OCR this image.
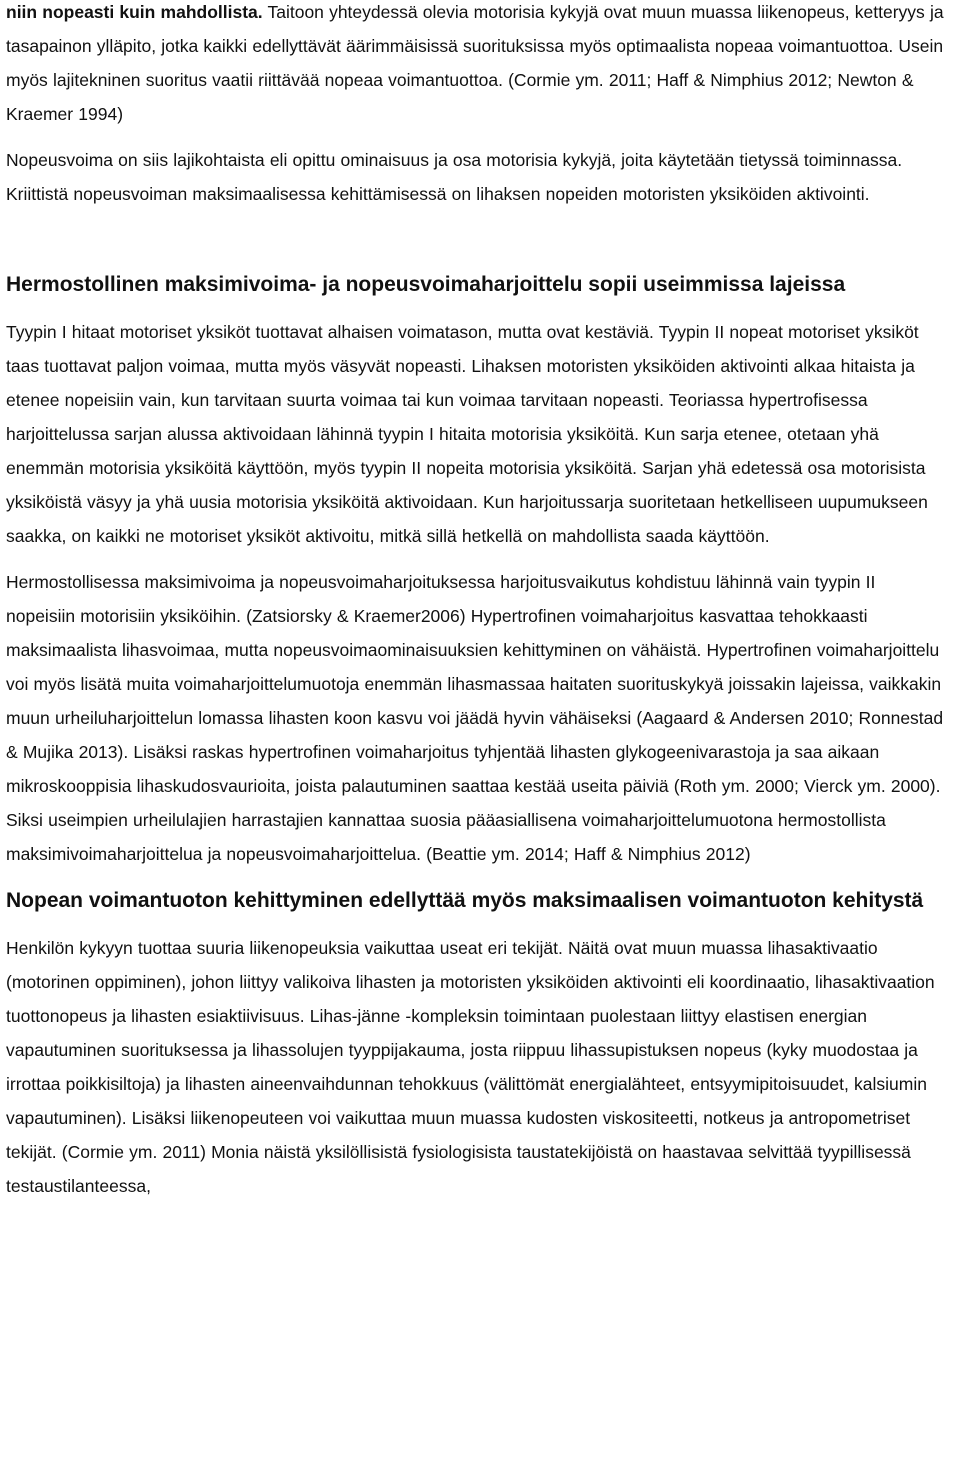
niin nopeasti kuin mahdollista. Taitoon yhteydessä olevia motorisia kykyjä ovat muun muassa liikenopeus, ketteryys ja tasapainon ylläpito, jotka kaikki edellyttävät äärimmäisissä suorituksissa myös optimaalista nopeaa voimantuottoa. Usein myös lajitekninen suoritus vaatii riittävää nopeaa voimantuottoa. (Cormie ym. 2011; Haff & Nimphius 2012; Newton & Kraemer 1994)

Nopeusvoima on siis lajikohtaista eli opittu ominaisuus ja osa motorisia kykyjä, joita käytetään tietyssä toiminnassa. Kriittistä nopeusvoiman maksimaalisessa kehittämisessä on lihaksen nopeiden motoristen yksiköiden aktivointi.

Hermostollinen maksimivoima- ja nopeusvoimaharjoittelu sopii useimmissa lajeissa

Tyypin I hitaat motoriset yksiköt tuottavat alhaisen voimatason, mutta ovat kestäviä. Tyypin II nopeat motoriset yksiköt taas tuottavat paljon voimaa, mutta myös väsyvät nopeasti. Lihaksen motoristen yksiköiden aktivointi alkaa hitaista ja etenee nopeisiin vain, kun tarvitaan suurta voimaa tai kun voimaa tarvitaan nopeasti. Teoriassa hypertrofisessa harjoittelussa sarjan alussa aktivoidaan lähinnä tyypin I hitaita motorisia yksiköitä. Kun sarja etenee, otetaan yhä enemmän motorisia yksiköitä käyttöön, myös tyypin II nopeita motorisia yksiköitä. Sarjan yhä edetessä osa motorisista yksiköistä väsyy ja yhä uusia motorisia yksiköitä aktivoidaan. Kun harjoitussarja suoritetaan hetkelliseen uupumukseen saakka, on kaikki ne motoriset yksiköt aktivoitu, mitkä sillä hetkellä on mahdollista saada käyttöön.

Hermostollisessa maksimivoima ja nopeusvoimaharjoituksessa harjoitusvaikutus kohdistuu lähinnä vain tyypin II nopeisiin motorisiin yksiköihin. (Zatsiorsky & Kraemer2006) Hypertrofinen voimaharjoitus kasvattaa tehokkaasti maksimaalista lihasvoimaa, mutta nopeusvoimaominaisuuksien kehittyminen on vähäistä. Hypertrofinen voimaharjoittelu voi myös lisätä muita voimaharjoittelumuotoja enemmän lihasmassaa haitaten suorituskykyä joissakin lajeissa, vaikkakin muun urheiluharjoittelun lomassa lihasten koon kasvu voi jäädä hyvin vähäiseksi (Aagaard & Andersen 2010; Ronnestad & Mujika 2013). Lisäksi raskas hypertrofinen voimaharjoitus tyhjentää lihasten glykogeenivarastoja ja saa aikaan mikroskooppisia lihaskudosvaurioita, joista palautuminen saattaa kestää useita päiviä (Roth ym. 2000; Vierck ym. 2000). Siksi useimpien urheilulajien harrastajien kannattaa suosia pääasiallisena voimaharjoittelumuotona hermostollista maksimivoimaharjoittelua ja nopeusvoimaharjoittelua. (Beattie ym. 2014; Haff & Nimphius 2012)

Nopean voimantuoton kehittyminen edellyttää myös maksimaalisen voimantuoton kehitystä

Henkilön kykyyn tuottaa suuria liikenopeuksia vaikuttaa useat eri tekijät. Näitä ovat muun muassa lihasaktivaatio (motorinen oppiminen), johon liittyy valikoiva lihasten ja motoristen yksiköiden aktivointi eli koordinaatio, lihasaktivaation tuottonopeus ja lihasten esiaktiivisuus. Lihas-jänne -kompleksin toimintaan puolestaan liittyy elastisen energian vapautuminen suorituksessa ja lihassolujen tyyppijakauma, josta riippuu lihassupistuksen nopeus (kyky muodostaa ja irrottaa poikkisiltoja) ja lihasten aineenvaihdunnan tehokkuus (välittömät energialähteet, entsyymipitoisuudet, kalsiumin vapautuminen). Lisäksi liikenopeuteen voi vaikuttaa muun muassa kudosten viskositeetti, notkeus ja antropometriset tekijät. (Cormie ym. 2011) Monia näistä yksilöllisistä fysiologisista taustatekijöistä on haastavaa selvittää tyypillisessä testaustilanteessa,
